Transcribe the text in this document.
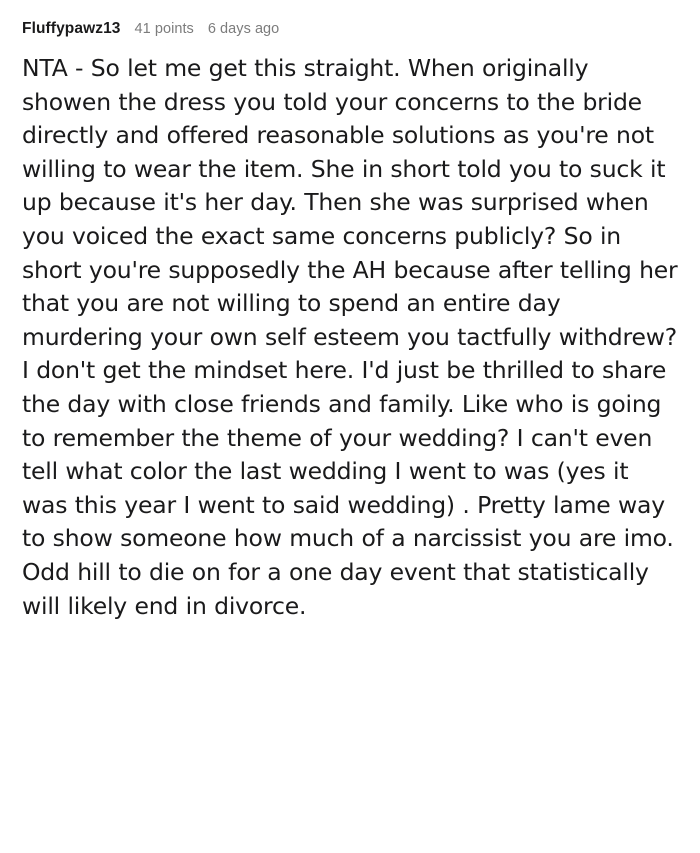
Fluffypawz13 41 points 6 days ago
NTA - So let me get this straight. When originally showen the dress you told your concerns to the bride directly and offered reasonable solutions as you're not willing to wear the item. She in short told you to suck it up because it's her day. Then she was surprised when you voiced the exact same concerns publicly? So in short you're supposedly the AH because after telling her that you are not willing to spend an entire day murdering your own self esteem you tactfully withdrew? I don't get the mindset here. I'd just be thrilled to share the day with close friends and family. Like who is going to remember the theme of your wedding? I can't even tell what color the last wedding I went to was (yes it was this year I went to said wedding) . Pretty lame way to show someone how much of a narcissist you are imo. Odd hill to die on for a one day event that statistically will likely end in divorce.
